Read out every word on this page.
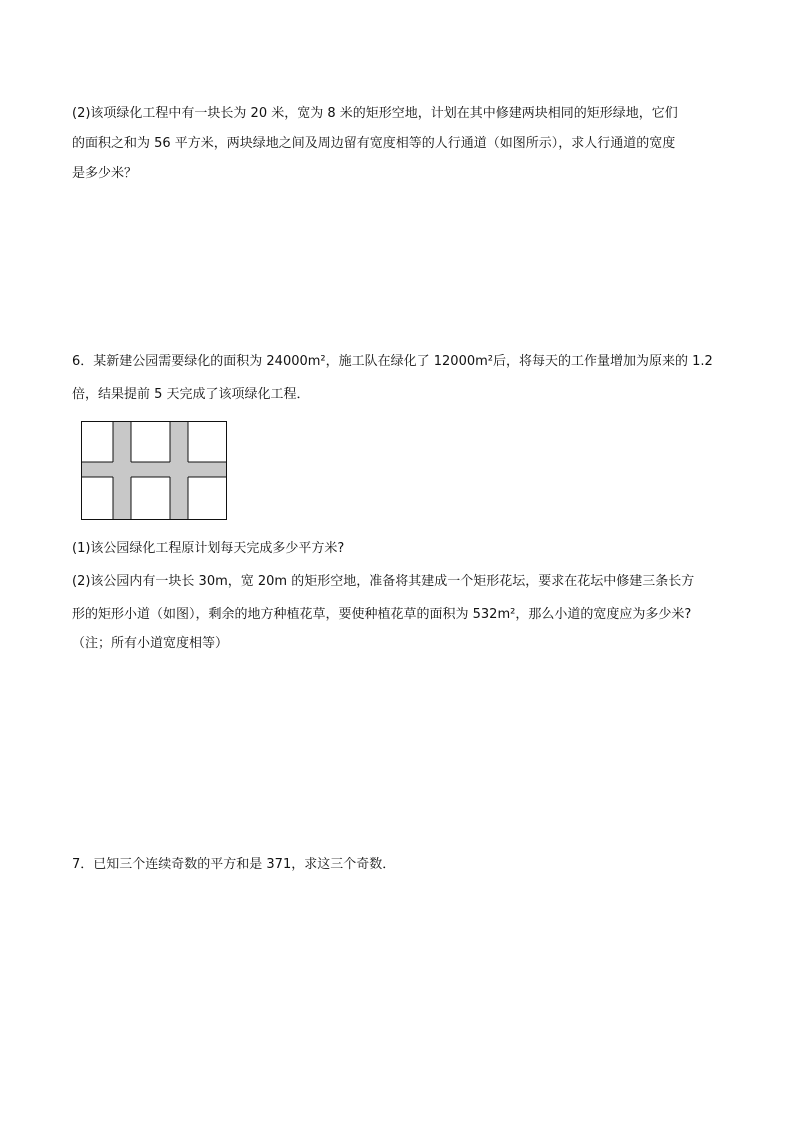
(2)该项绿化工程中有一块长为 20 米，宽为 8 米的矩形空地，计划在其中修建两块相同的矩形绿地，它们
的面积之和为 56 平方米，两块绿地之间及周边留有宽度相等的人行通道（如图所示），求人行通道的宽度
是多少米？
6．某新建公园需要绿化的面积为 24000m²，施工队在绿化了 12000m²后，将每天的工作量增加为原来的 1.2
倍，结果提前 5 天完成了该项绿化工程．
(1)该公园绿化工程原计划每天完成多少平方米?
(2)该公园内有一块长 30m，宽 20m 的矩形空地，准备将其建成一个矩形花坛，要求在花坛中修建三条长方
形的矩形小道（如图），剩余的地方种植花草，要使种植花草的面积为 532m²，那么小道的宽度应为多少米?
（注；所有小道宽度相等）
7．已知三个连续奇数的平方和是 371，求这三个奇数．
